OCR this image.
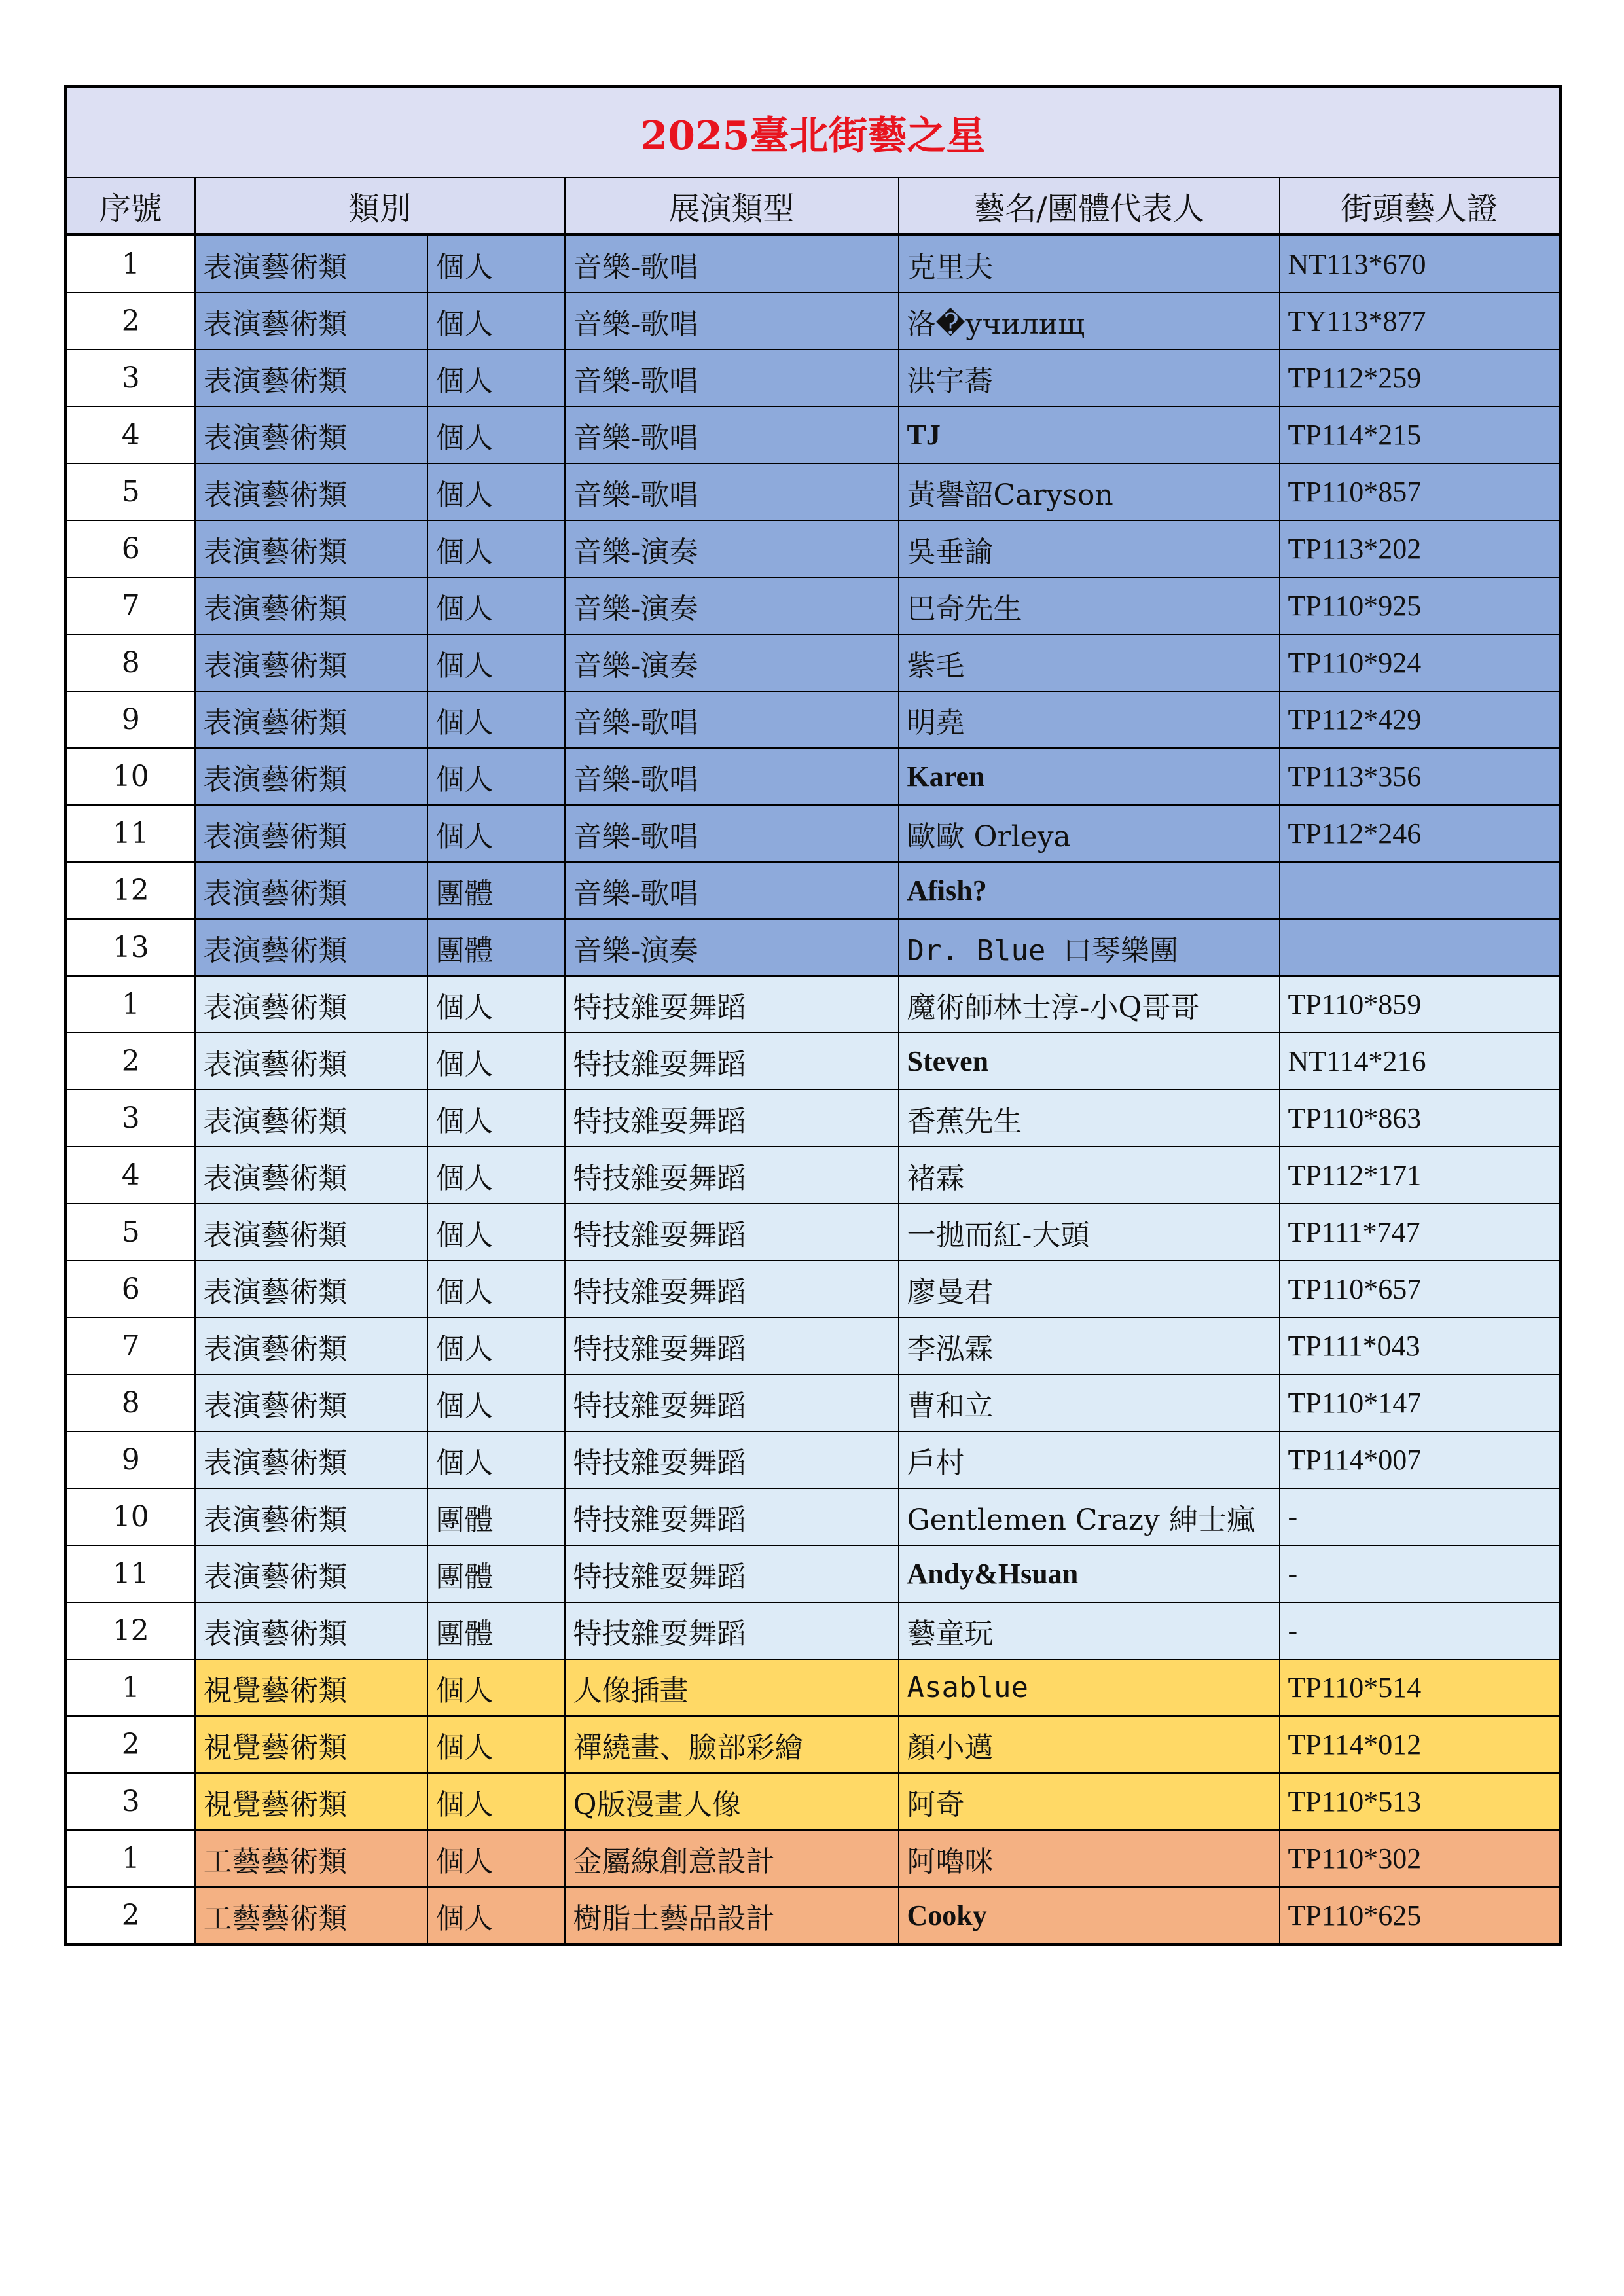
2025臺北街藝之星					
序號	類別		展演類型	藝名/團體代表人	街頭藝人證
1	表演藝術類	個人	音樂-歌唱	克里夫	NT113*670
2	表演藝術類	個人	音樂-歌唱	洛�училищ	TY113*877
3	表演藝術類	個人	音樂-歌唱	洪宇蕎	TP112*259
4	表演藝術類	個人	音樂-歌唱	TJ	TP114*215
5	表演藝術類	個人	音樂-歌唱	黃譽韶Caryson	TP110*857
6	表演藝術類	個人	音樂-演奏	吳垂諭	TP113*202
7	表演藝術類	個人	音樂-演奏	巴奇先生	TP110*925
8	表演藝術類	個人	音樂-演奏	紫毛	TP110*924
9	表演藝術類	個人	音樂-歌唱	明堯	TP112*429
10	表演藝術類	個人	音樂-歌唱	Karen	TP113*356
11	表演藝術類	個人	音樂-歌唱	歐歐 Orleya	TP112*246
12	表演藝術類	團體	音樂-歌唱	Afish?	
13	表演藝術類	團體	音樂-演奏	Dr. Blue 口琴樂團	
1	表演藝術類	個人	特技雜耍舞蹈	魔術師林士淳-小Q哥哥	TP110*859
2	表演藝術類	個人	特技雜耍舞蹈	Steven	NT114*216
3	表演藝術類	個人	特技雜耍舞蹈	香蕉先生	TP110*863
4	表演藝術類	個人	特技雜耍舞蹈	褚霖	TP112*171
5	表演藝術類	個人	特技雜耍舞蹈	一拋而紅-大頭	TP111*747
6	表演藝術類	個人	特技雜耍舞蹈	廖曼君	TP110*657
7	表演藝術類	個人	特技雜耍舞蹈	李泓霖	TP111*043
8	表演藝術類	個人	特技雜耍舞蹈	曹和立	TP110*147
9	表演藝術類	個人	特技雜耍舞蹈	戶村	TP114*007
10	表演藝術類	團體	特技雜耍舞蹈	Gentlemen Crazy 紳士瘋	-
11	表演藝術類	團體	特技雜耍舞蹈	Andy&Hsuan	-
12	表演藝術類	團體	特技雜耍舞蹈	藝童玩	-
1	視覺藝術類	個人	人像插畫	Asablue	TP110*514
2	視覺藝術類	個人	禪繞畫、臉部彩繪	顏小邁	TP114*012
3	視覺藝術類	個人	Q版漫畫人像	阿奇	TP110*513
1	工藝藝術類	個人	金屬線創意設計	阿嚕咪	TP110*302
2	工藝藝術類	個人	樹脂土藝品設計	Cooky	TP110*625
